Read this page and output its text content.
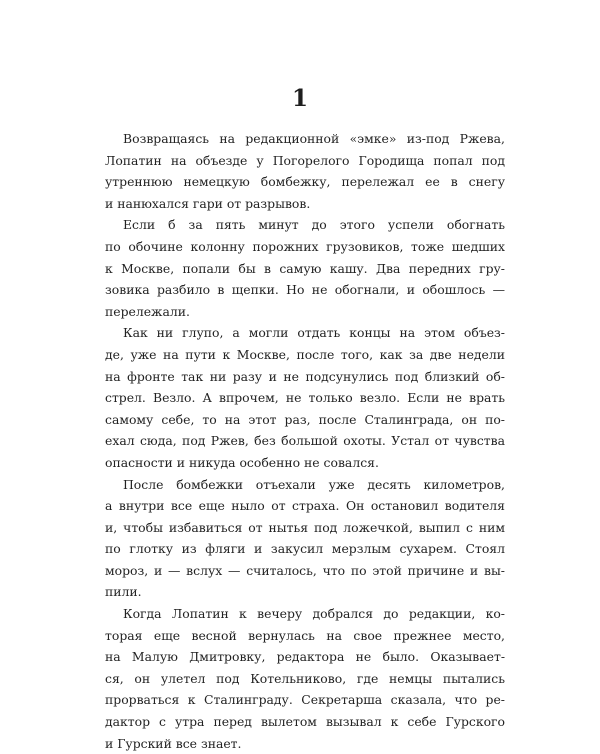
1
Возвращаясь на редакционной «эмке» из-под Ржева,
Лопатин на объезде у Погорелого Городища попал под
утреннюю немецкую бомбежку, перележал ее в снегу
и нанюхался гари от разрывов.
Если б за пять минут до этого успели обогнать
по обочине колонну порожних грузовиков, тоже шедших
к Москве, попали бы в самую кашу. Два передних гру-
зовика разбило в щепки. Но не обогнали, и обошлось —
перележали.
Как ни глупо, а могли отдать концы на этом объез-
де, уже на пути к Москве, после того, как за две недели
на фронте так ни разу и не подсунулись под близкий об-
стрел. Везло. А впрочем, не только везло. Если не врать
самому себе, то на этот раз, после Сталинграда, он по-
ехал сюда, под Ржев, без большой охоты. Устал от чувства
опасности и никуда особенно не совался.
После бомбежки отъехали уже десять километров,
а внутри все еще ныло от страха. Он остановил водителя
и, чтобы избавиться от нытья под ложечкой, выпил с ним
по глотку из фляги и закусил мерзлым сухарем. Стоял
мороз, и — вслух — считалось, что по этой причине и вы-
пили.
Когда Лопатин к вечеру добрался до редакции, ко-
торая еще весной вернулась на свое прежнее место,
на Малую Дмитровку, редактора не было. Оказывает-
ся, он улетел под Котельниково, где немцы пытались
прорваться к Сталинграду. Секретарша сказала, что ре-
дактор с утра перед вылетом вызывал к себе Гурского
и Гурский все знает.
